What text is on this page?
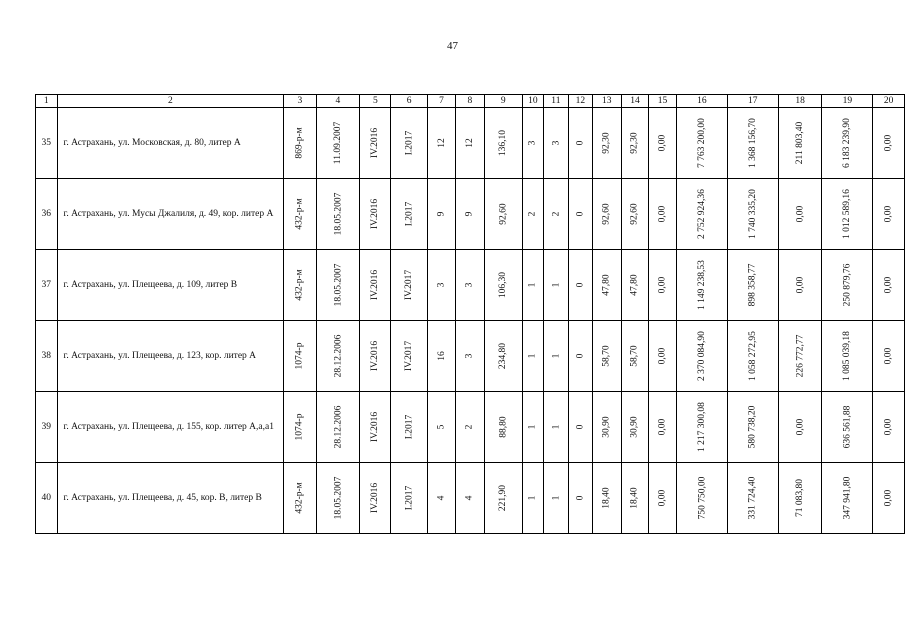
47
1	2	3	4	5	6	7	8	9	10	11	12	13	14	15	16	17	18	19	20
35	г. Астрахань, ул. Московская, д. 80, литер А	869-р-м	11.09.2007	IV.2016	I.2017	12	12	136,10	3	3	0	92,30	92,30	0,00	7 763 200,00	1 368 156,70	211 803,40	6 183 239,90	0,00
36	г. Астрахань, ул. Мусы Джалиля, д. 49, кор. литер А	432-р-м	18.05.2007	IV.2016	I.2017	9	9	92,60	2	2	0	92,60	92,60	0,00	2 752 924,36	1 740 335,20	0,00	1 012 589,16	0,00
37	г. Астрахань, ул. Плещеева, д. 109, литер В	432-р-м	18.05.2007	IV.2016	IV.2017	3	3	106,30	1	1	0	47,80	47,80	0,00	1 149 238,53	898 358,77	0,00	250 879,76	0,00
38	г. Астрахань, ул. Плещеева, д. 123, кор. литер А	1074-р	28.12.2006	IV.2016	IV.2017	16	3	234,80	1	1	0	58,70	58,70	0,00	2 370 084,90	1 058 272,95	226 772,77	1 085 039,18	0,00
39	г. Астрахань, ул. Плещеева, д. 155, кор. литер А,а,а1	1074-р	28.12.2006	IV.2016	I.2017	5	2	88,80	1	1	0	30,90	30,90	0,00	1 217 300,08	580 738,20	0,00	636 561,88	0,00
40	г. Астрахань, ул. Плещеева, д. 45, кор. В, литер В	432-р-м	18.05.2007	IV.2016	I.2017	4	4	221,90	1	1	0	18,40	18,40	0,00	750 750,00	331 724,40	71 083,80	347 941,80	0,00
